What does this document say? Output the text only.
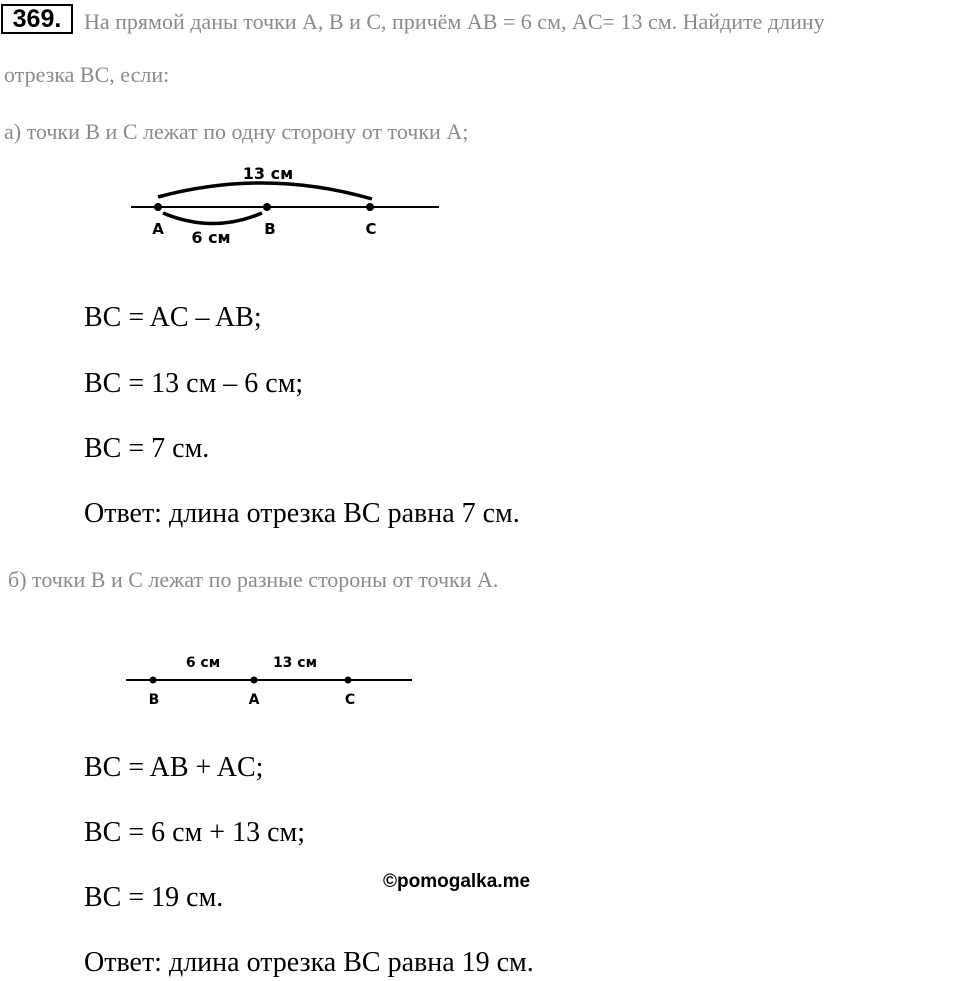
369.	На прямой даны точки A, B и C, причём AB = 6 см, AC= 13 см. Найдите длину
отрезка BC, если:
а) точки B и C лежат по одну сторону от точки A;
13 см
6 см
A	B	C
6 см	13 см
B	A	C
BC = AC – AB;
BC = 13 см – 6 см;
BC = 7 см.
Ответ: длина отрезка BC равна 7 см.
б) точки B и C лежат по разные стороны от точки A.
BC = AB + AC;
BC = 6 см + 13 см;
BC = 19 см.
Ответ: длина отрезка BC равна 19 см.
©pomogalka.me
